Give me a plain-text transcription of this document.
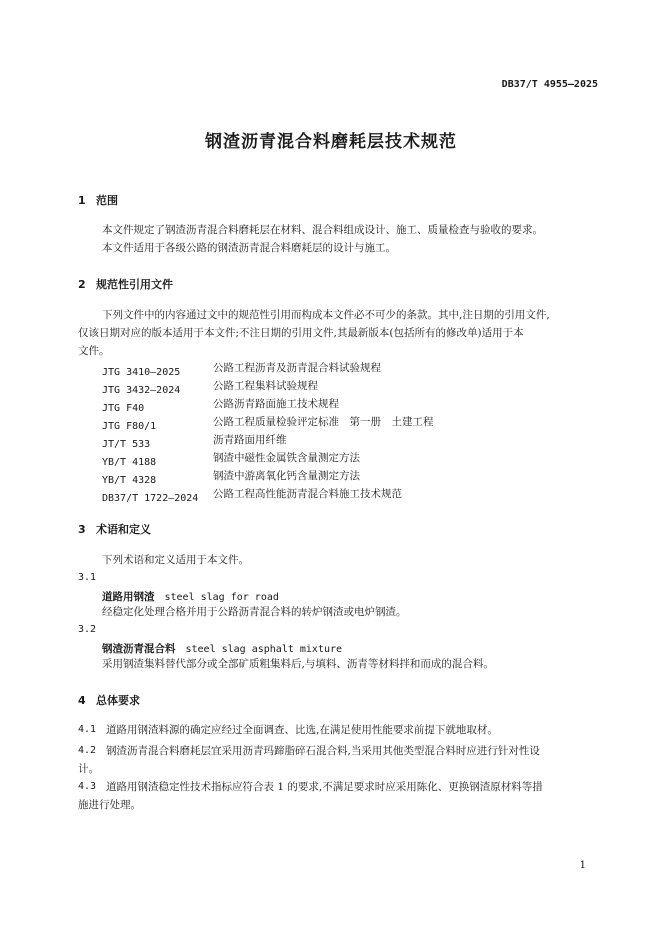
DB37/T 4955—2025
钢渣沥青混合料磨耗层技术规范
1 范围
本文件规定了钢渣沥青混合料磨耗层在材料、混合料组成设计、施工、质量检查与验收的要求。
本文件适用于各级公路的钢渣沥青混合料磨耗层的设计与施工。
2 规范性引用文件
下列文件中的内容通过文中的规范性引用而构成本文件必不可少的条款。其中,注日期的引用文件,
仅该日期对应的版本适用于本文件;不注日期的引用文件,其最新版本(包括所有的修改单)适用于本
文件。
JTG 3410—2025	公路工程沥青及沥青混合料试验规程
JTG 3432—2024	公路工程集料试验规程
JTG F40	公路沥青路面施工技术规程
JTG F80/1	公路工程质量检验评定标准　第一册　土建工程
JT/T 533	沥青路面用纤维
YB/T 4188	钢渣中磁性金属铁含量测定方法
YB/T 4328	钢渣中游离氧化钙含量测定方法
DB37/T 1722—2024 公路工程高性能沥青混合料施工技术规范
3 术语和定义
下列术语和定义适用于本文件。
3.1
道路用钢渣 steel slag for road
经稳定化处理合格并用于公路沥青混合料的转炉钢渣或电炉钢渣。
3.2
钢渣沥青混合料 steel slag asphalt mixture
采用钢渣集料替代部分或全部矿质粗集料后,与填料、沥青等材料拌和而成的混合料。
4 总体要求
4.1 道路用钢渣料源的确定应经过全面调查、比选,在满足使用性能要求前提下就地取材。
4.2 钢渣沥青混合料磨耗层宜采用沥青玛蹄脂碎石混合料,当采用其他类型混合料时应进行针对性设
计。
4.3 道路用钢渣稳定性技术指标应符合表 1 的要求,不满足要求时应采用陈化、更换钢渣原材料等措
施进行处理。
1
